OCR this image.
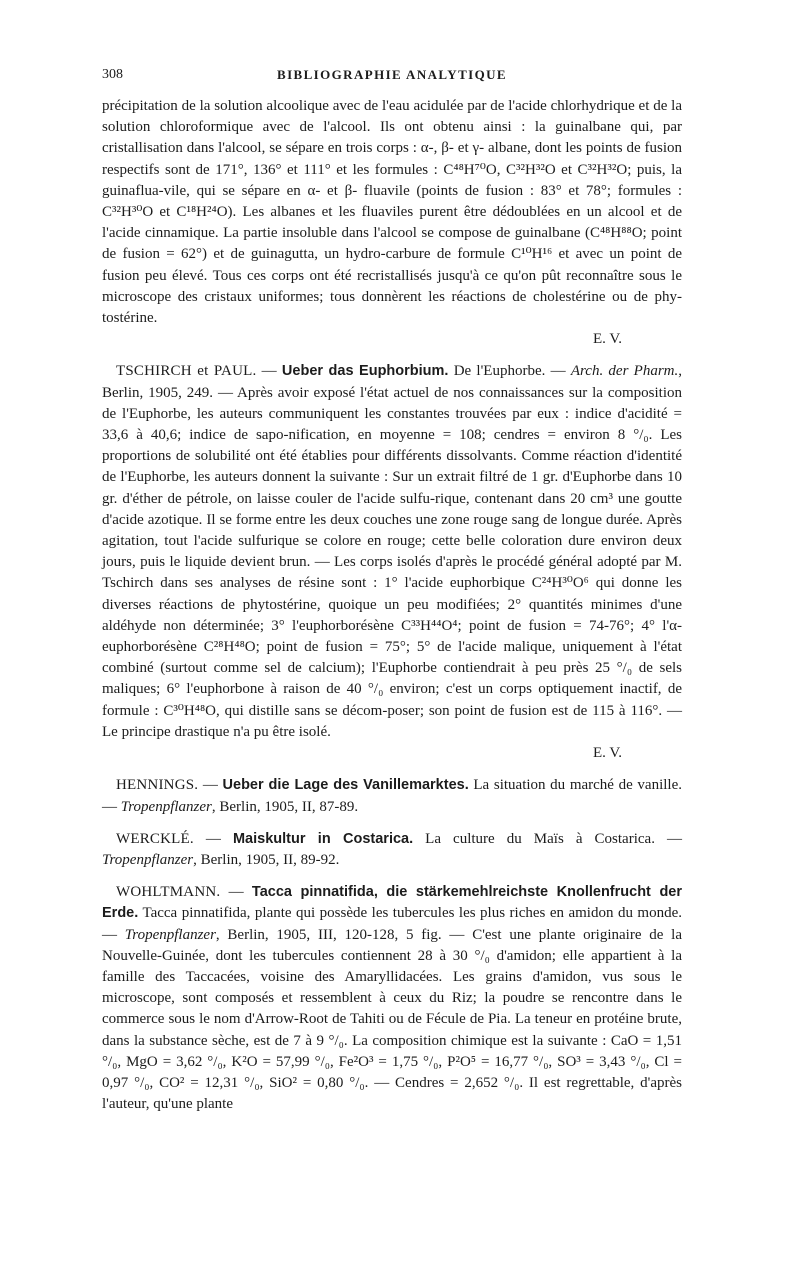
308	BIBLIOGRAPHIE ANALYTIQUE

précipitation de la solution alcoolique avec de l'eau acidulée par de l'acide chlorhydrique et de la solution chloroformique avec de l'alcool. Ils ont obtenu ainsi : la guinalbane qui, par cristallisation dans l'alcool, se sépare en trois corps : α-, β- et γ- albane, dont les points de fusion respectifs sont de 171°, 136° et 111° et les formules : C⁴⁸H⁷⁰O, C³²H³²O et C³²H³²O; puis, la guinaflua-vile, qui se sépare en α- et β- fluavile (points de fusion : 83° et 78°; formules : C³²H³⁰O et C¹⁸H²⁴O). Les albanes et les fluaviles purent être dédoublées en un alcool et de l'acide cinnamique. La partie insoluble dans l'alcool se compose de guinalbane (C⁴⁸H⁸⁸O; point de fusion = 62°) et de guinagutta, un hydro-carbure de formule C¹⁰H¹⁶ et avec un point de fusion peu élevé. Tous ces corps ont été recristallisés jusqu'à ce qu'on pût reconnaître sous le microscope des cristaux uniformes; tous donnèrent les réactions de cholestérine ou de phy-tostérine.

E. V.

TSCHIRCH et PAUL. — Ueber das Euphorbium. De l'Euphorbe. — Arch. der Pharm., Berlin, 1905, 249. — Après avoir exposé l'état actuel de nos connaissances sur la composition de l'Euphorbe, les auteurs communiquent les constantes trouvées par eux : indice d'acidité = 33,6 à 40,6; indice de sapo-nification, en moyenne = 108; cendres = environ 8 °/₀. Les proportions de solubilité ont été établies pour différents dissolvants. Comme réaction d'identité de l'Euphorbe, les auteurs donnent la suivante : Sur un extrait filtré de 1 gr. d'Euphorbe dans 10 gr. d'éther de pétrole, on laisse couler de l'acide sulfu-rique, contenant dans 20 cm³ une goutte d'acide azotique. Il se forme entre les deux couches une zone rouge sang de longue durée. Après agitation, tout l'acide sulfurique se colore en rouge; cette belle coloration dure environ deux jours, puis le liquide devient brun. — Les corps isolés d'après le procédé général adopté par M. Tschirch dans ses analyses de résine sont : 1° l'acide euphorbique C²⁴H³⁰O⁶ qui donne les diverses réactions de phytostérine, quoique un peu modifiées; 2° quantités minimes d'une aldéhyde non déterminée; 3° l'euphorborésène C³³H⁴⁴O⁴; point de fusion = 74-76°; 4° l'α-euphorborésène C²⁸H⁴⁸O; point de fusion = 75°; 5° de l'acide malique, uniquement à l'état combiné (surtout comme sel de calcium); l'Euphorbe contiendrait à peu près 25 °/₀ de sels maliques; 6° l'euphorbone à raison de 40 °/₀ environ; c'est un corps optiquement inactif, de formule : C³⁰H⁴⁸O, qui distille sans se décom-poser; son point de fusion est de 115 à 116°. — Le principe drastique n'a pu être isolé.

E. V.

HENNINGS. — Ueber die Lage des Vanillemarktes. La situation du marché de vanille. — Tropenpflanzer, Berlin, 1905, II, 87-89.

WERCKLÉ. — Maiskultur in Costarica. La culture du Maïs à Costarica. — Tropenpflanzer, Berlin, 1905, II, 89-92.

WOHLTMANN. — Tacca pinnatifida, die stärkemehlreichste Knollenfrucht der Erde. Tacca pinnatifida, plante qui possède les tubercules les plus riches en amidon du monde.— Tropenpflanzer, Berlin, 1905, III, 120-128, 5 fig. — C'est une plante originaire de la Nouvelle-Guinée, dont les tubercules contiennent 28 à 30 °/₀ d'amidon; elle appartient à la famille des Taccacées, voisine des Amaryllidacées. Les grains d'amidon, vus sous le microscope, sont composés et ressemblent à ceux du Riz; la poudre se rencontre dans le commerce sous le nom d'Arrow-Root de Tahiti ou de Fécule de Pia. La teneur en protéine brute, dans la substance sèche, est de 7 à 9 °/₀. La composition chimique est la suivante : CaO = 1,51 °/₀, MgO = 3,62 °/₀, K²O = 57,99 °/₀, Fe²O³ = 1,75 °/₀, P²O⁵ = 16,77 °/₀, SO³ = 3,43 °/₀, Cl = 0,97 °/₀, CO² = 12,31 °/₀, SiO² = 0,80 °/₀. — Cendres = 2,652 °/₀. Il est regrettable, d'après l'auteur, qu'une plante
